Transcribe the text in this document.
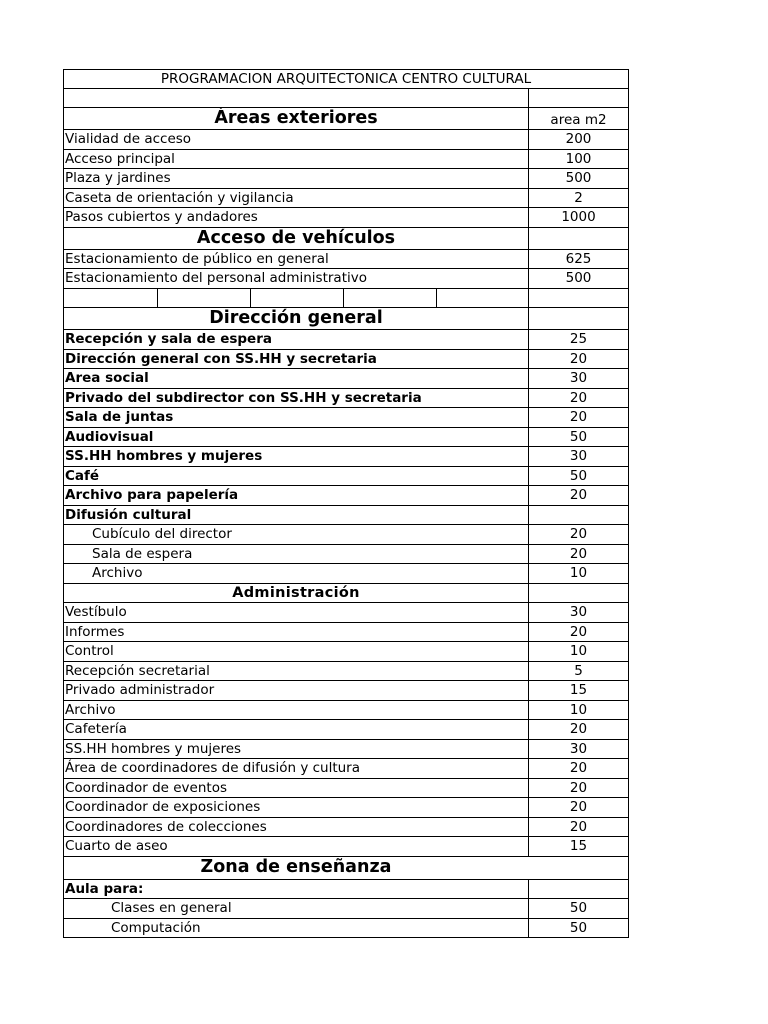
PROGRAMACION ARQUITECTONICA CENTRO CULTURAL
Áreas exteriores	area m2
Vialidad de acceso	200
Acceso principal	100
Plaza y jardines	500
Caseta de orientación y vigilancia	2
Pasos cubiertos y andadores	1000
Acceso de vehículos
Estacionamiento de público en general	625
Estacionamiento del personal administrativo	500
Dirección general
Recepción y sala de espera	25
Dirección general con SS.HH y secretaria	20
Area social	30
Privado del subdirector con SS.HH y secretaria	20
Sala de juntas	20
Audiovisual	50
SS.HH hombres y mujeres	30
Café	50
Archivo para papelería	20
Difusión cultural
Cubículo del director	20
Sala de espera	20
Archivo	10
Administración
Vestíbulo	30
Informes	20
Control	10
Recepción secretarial	5
Privado administrador	15
Archivo	10
Cafetería	20
SS.HH hombres y mujeres	30
Área de coordinadores de difusión y cultura	20
Coordinador de eventos	20
Coordinador de exposiciones	20
Coordinadores de colecciones	20
Cuarto de aseo	15
Zona de enseñanza
Aula para:
Clases en general	50
Computación	50
